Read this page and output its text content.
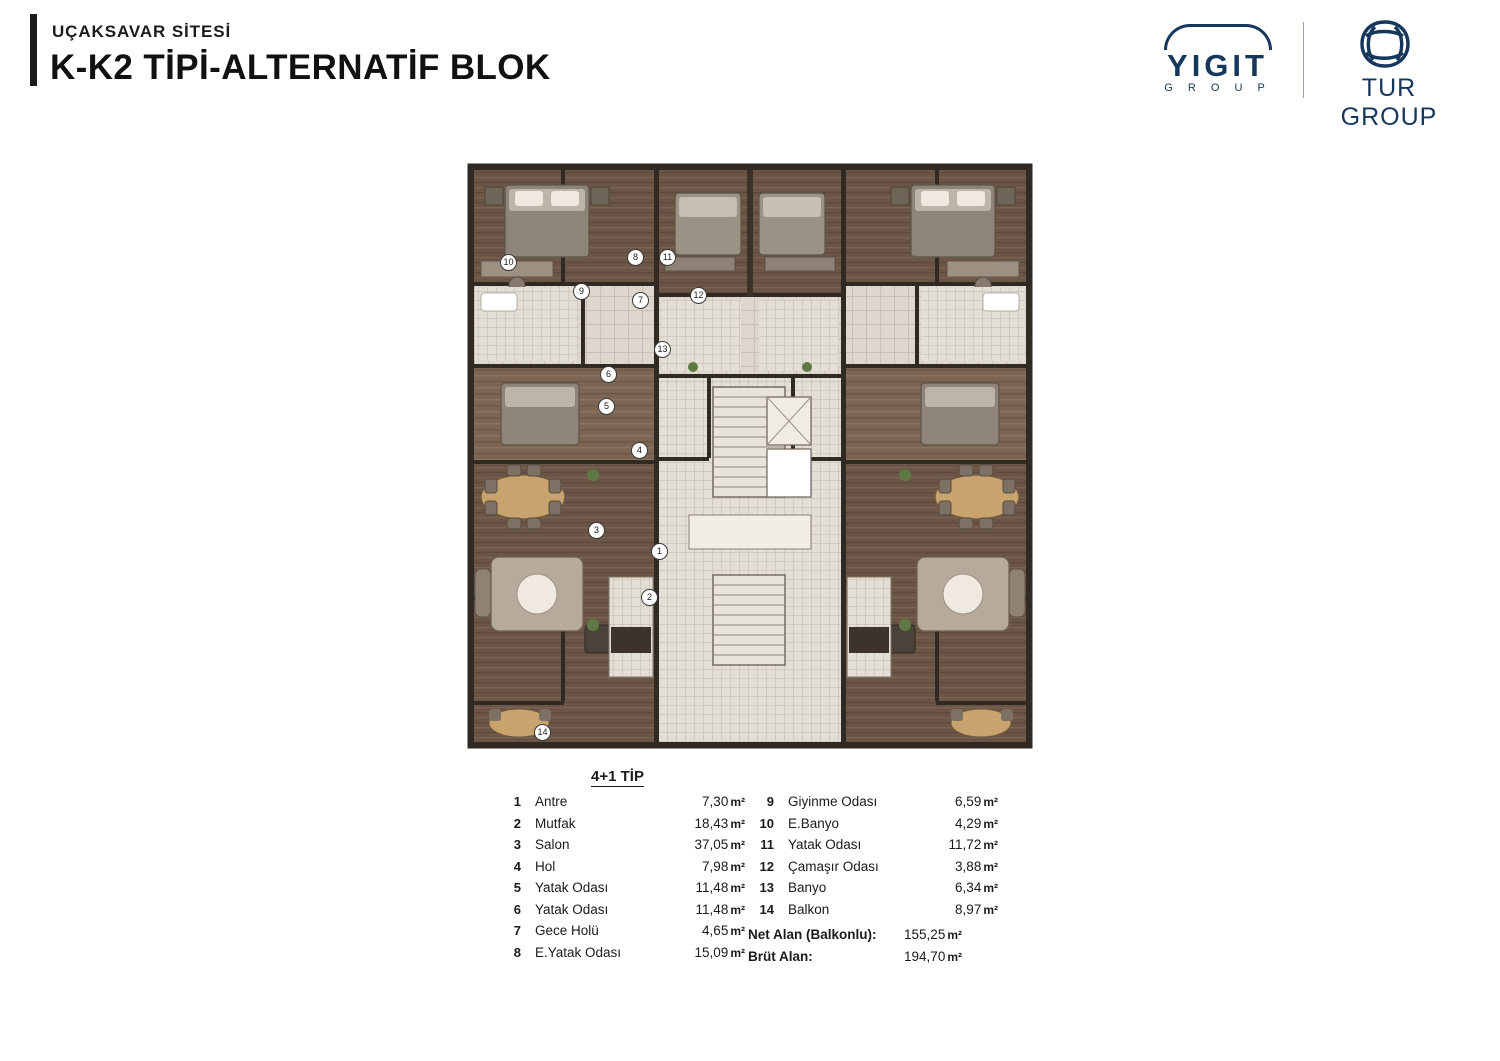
UÇAKSAVAR SİTESİ
K-K2 TİPİ-ALTERNATİF BLOK	YIGIT
G R O U P	TUR GROUP
10
9
8	11
7	12
13
6
5
4
3
1
2
14
4+1 TİP
1	Antre	7,30 m²
2	Mutfak	18,43 m²
3	Salon	37,05 m²
4	Hol	7,98 m²
5	Yatak Odası	11,48 m²
6	Yatak Odası	11,48 m²
7	Gece Holü	4,65 m²
8	E.Yatak Odası	15,09 m²
9	Giyinme Odası	6,59 m²
10	E.Banyo	4,29 m²
11	Yatak Odası	11,72 m²
12	Çamaşır Odası	3,88 m²
13	Banyo	6,34 m²
14	Balkon	8,97 m²
Net Alan (Balkonlu):	155,25 m²
Brüt Alan:	194,70 m²
